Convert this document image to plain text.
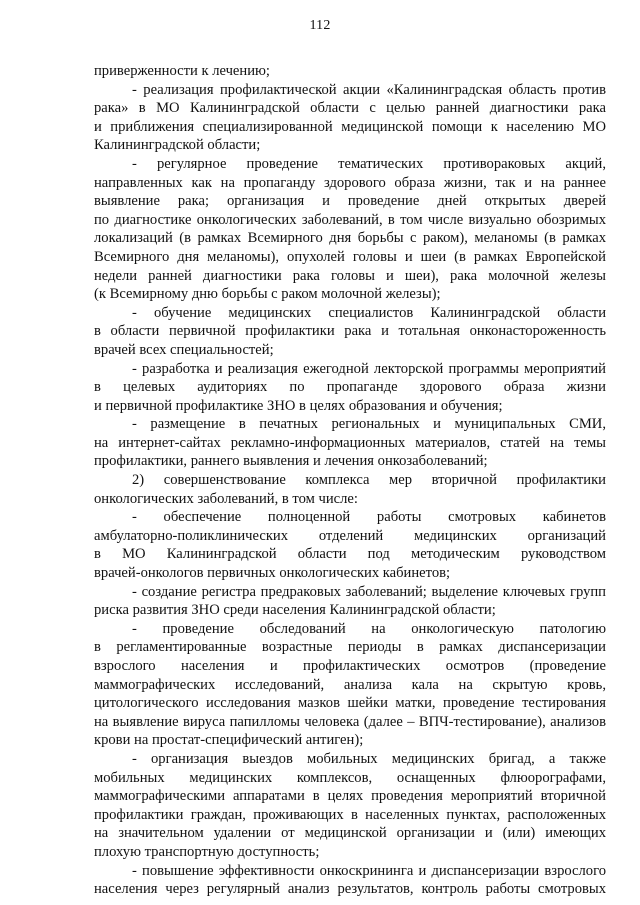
112
приверженности к лечению;
- реализация профилактической акции «Калининградская область против
рака» в МО Калининградской области с целью ранней диагностики рака
и приближения специализированной медицинской помощи к населению МО
Калининградской области;
- регулярное проведение тематических противораковых акций,
направленных как на пропаганду здорового образа жизни, так и на раннее
выявление рака; организация и проведение дней открытых дверей
по диагностике онкологических заболеваний, в том числе визуально обозримых
локализаций (в рамках Всемирного дня борьбы с раком), меланомы (в рамках
Всемирного дня меланомы), опухолей головы и шеи (в рамках Европейской
недели ранней диагностики рака головы и шеи), рака молочной железы
(к Всемирному дню борьбы с раком молочной железы);
- обучение медицинских специалистов Калининградской области
в области первичной профилактики рака и тотальная онконастороженность
врачей всех специальностей;
- разработка и реализация ежегодной лекторской программы мероприятий
в целевых аудиториях по пропаганде здорового образа жизни
и первичной профилактике ЗНО в целях образования и обучения;
- размещение в печатных региональных и муниципальных СМИ,
на интернет-сайтах рекламно-информационных материалов, статей на темы
профилактики, раннего выявления и лечения онкозаболеваний;
2) совершенствование комплекса мер вторичной профилактики
онкологических заболеваний, в том числе:
- обеспечение полноценной работы смотровых кабинетов
амбулаторно-поликлинических отделений медицинских организаций
в МО Калининградской области под методическим руководством
врачей-онкологов первичных онкологических кабинетов;
- создание регистра предраковых заболеваний; выделение ключевых групп
риска развития ЗНО среди населения Калининградской области;
- проведение обследований на онкологическую патологию
в регламентированные возрастные периоды в рамках диспансеризации
взрослого населения и профилактических осмотров (проведение
маммографических исследований, анализа кала на скрытую кровь,
цитологического исследования мазков шейки матки, проведение тестирования
на выявление вируса папилломы человека (далее – ВПЧ-тестирование), анализов
крови на простат-специфический антиген);
- организация выездов мобильных медицинских бригад, а также
мобильных медицинских комплексов, оснащенных флюорографами,
маммографическими аппаратами в целях проведения мероприятий вторичной
профилактики граждан, проживающих в населенных пунктах, расположенных
на значительном удалении от медицинской организации и (или) имеющих
плохую транспортную доступность;
- повышение эффективности онкоскрининга и диспансеризации взрослого
населения через регулярный анализ результатов, контроль работы смотровых
